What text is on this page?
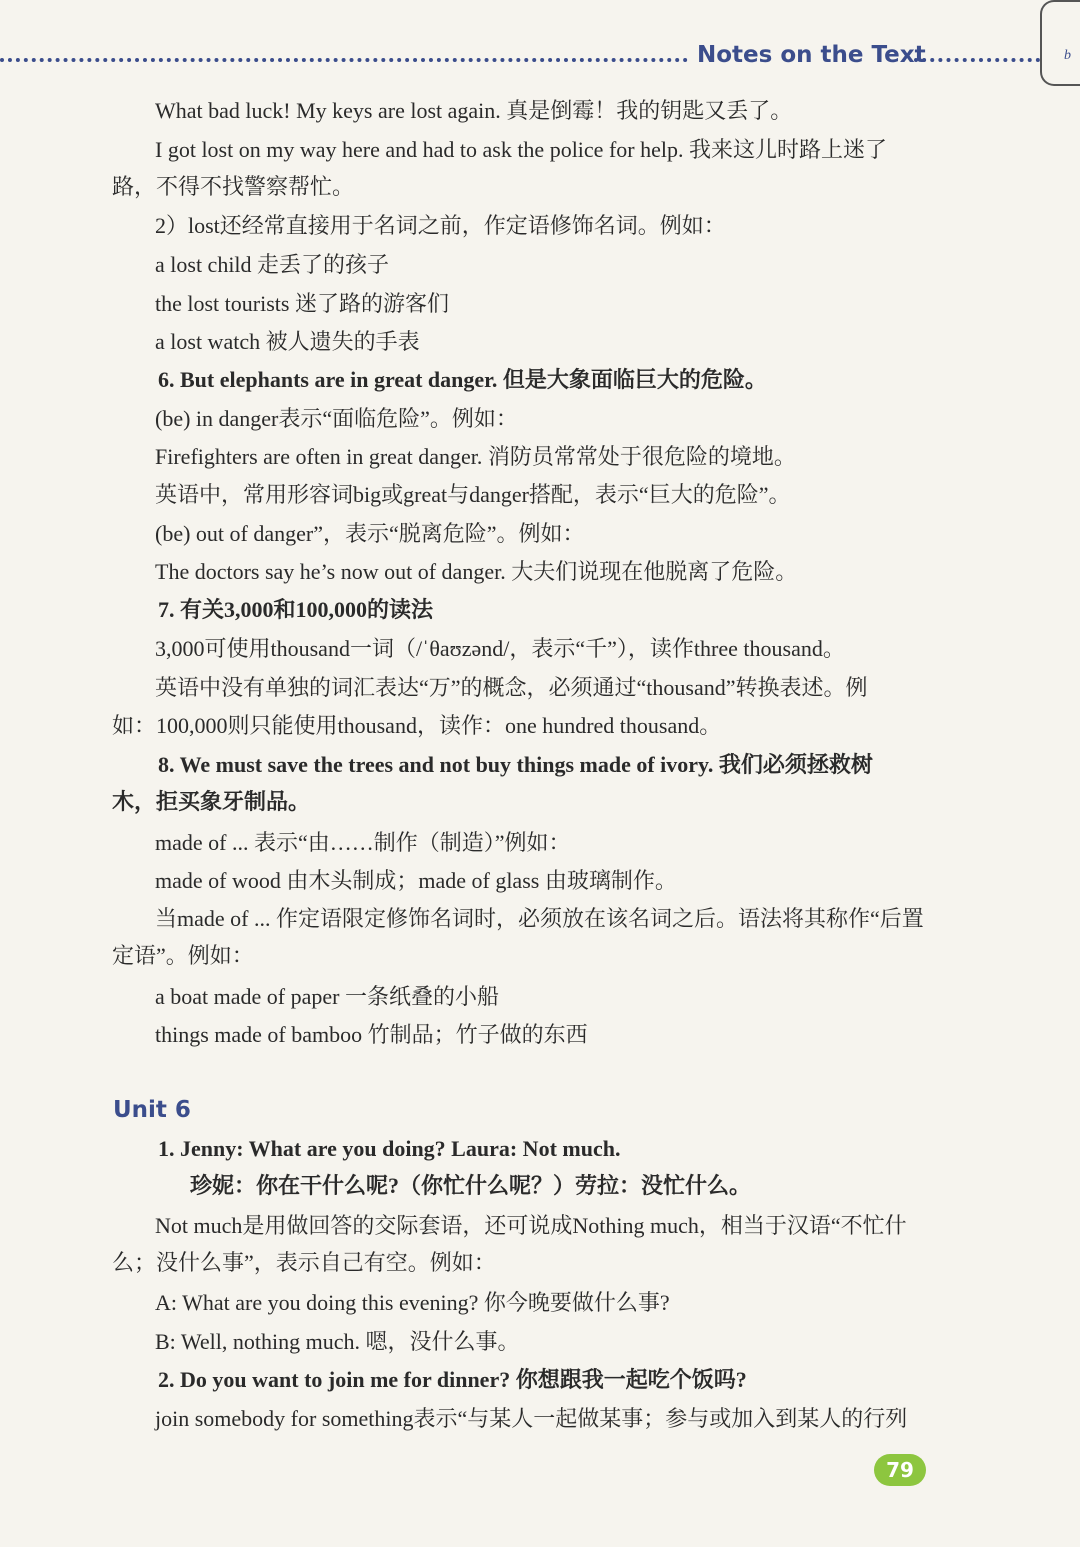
Notes on the Text	b
What bad luck! My keys are lost again. 真是倒霉！我的钥匙又丢了。
I got lost on my way here and had to ask the police for help. 我来这儿时路上迷了
路，不得不找警察帮忙。
2）lost还经常直接用于名词之前，作定语修饰名词。例如：
a lost child 走丢了的孩子
the lost tourists 迷了路的游客们
a lost watch 被人遗失的手表
6. But elephants are in great danger. 但是大象面临巨大的危险。
(be) in danger表示“面临危险”。例如：
Firefighters are often in great danger. 消防员常常处于很危险的境地。
英语中，常用形容词big或great与danger搭配，表示“巨大的危险”。
(be) out of danger”，表示“脱离危险”。例如：
The doctors say he’s now out of danger. 大夫们说现在他脱离了危险。
7. 有关3,000和100,000的读法
3,000可使用thousand一词（/ˈθaʊzənd/，表示“千”），读作three thousand。
英语中没有单独的词汇表达“万”的概念，必须通过“thousand”转换表述。例
如：100,000则只能使用thousand，读作：one hundred thousand。
8. We must save the trees and not buy things made of ivory. 我们必须拯救树
木，拒买象牙制品。
made of ... 表示“由……制作（制造）”例如：
made of wood 由木头制成；made of glass 由玻璃制作。
当made of ... 作定语限定修饰名词时，必须放在该名词之后。语法将其称作“后置
定语”。例如：
a boat made of paper 一条纸叠的小船
things made of bamboo 竹制品；竹子做的东西
Unit 6
1. Jenny: What are you doing? Laura: Not much.
珍妮：你在干什么呢?（你忙什么呢？）劳拉：没忙什么。
Not much是用做回答的交际套语，还可说成Nothing much，相当于汉语“不忙什
么；没什么事”，表示自己有空。例如：
A: What are you doing this evening? 你今晚要做什么事?
B: Well, nothing much. 嗯，没什么事。
2. Do you want to join me for dinner? 你想跟我一起吃个饭吗?
join somebody for something表示“与某人一起做某事；参与或加入到某人的行列
79
